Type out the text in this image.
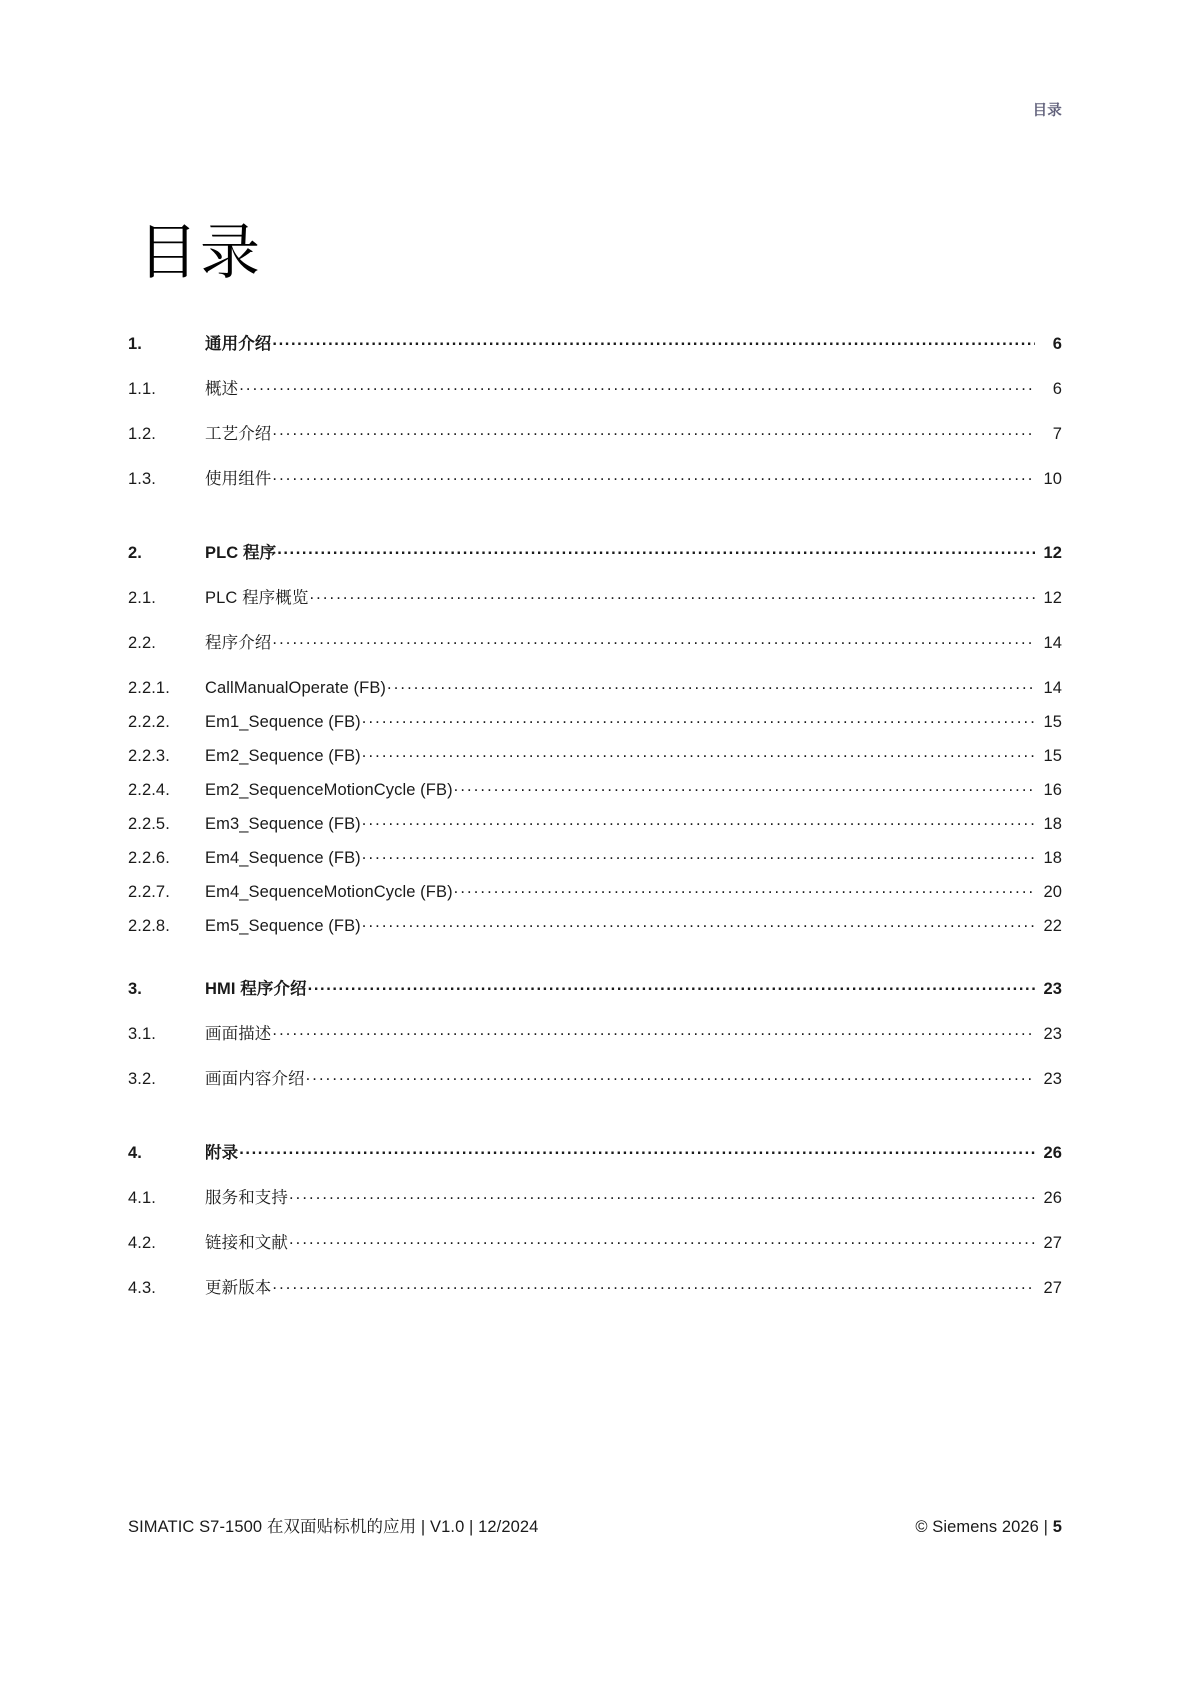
目录
目录
1.	通用介绍 .....	6
1.1.	概述 .....	6
1.2.	工艺介绍 .....	7
1.3.	使用组件 .....	10
2.	PLC 程序 .....	12
2.1.	PLC 程序概览 .....	12
2.2.	程序介绍 .....	14
2.2.1.	CallManualOperate (FB) .....	14
2.2.2.	Em1_Sequence (FB) .....	15
2.2.3.	Em2_Sequence (FB) .....	15
2.2.4.	Em2_SequenceMotionCycle (FB) .....	16
2.2.5.	Em3_Sequence (FB) .....	18
2.2.6.	Em4_Sequence (FB) .....	18
2.2.7.	Em4_SequenceMotionCycle (FB) .....	20
2.2.8.	Em5_Sequence (FB) .....	22
3.	HMI 程序介绍 .....	23
3.1.	画面描述 .....	23
3.2.	画面内容介绍 .....	23
4.	附录 .....	26
4.1.	服务和支持 .....	26
4.2.	链接和文献 .....	27
4.3.	更新版本 .....	27
SIMATIC S7-1500 在双面贴标机的应用 | V1.0 | 12/2024	© Siemens 2026 | 5
